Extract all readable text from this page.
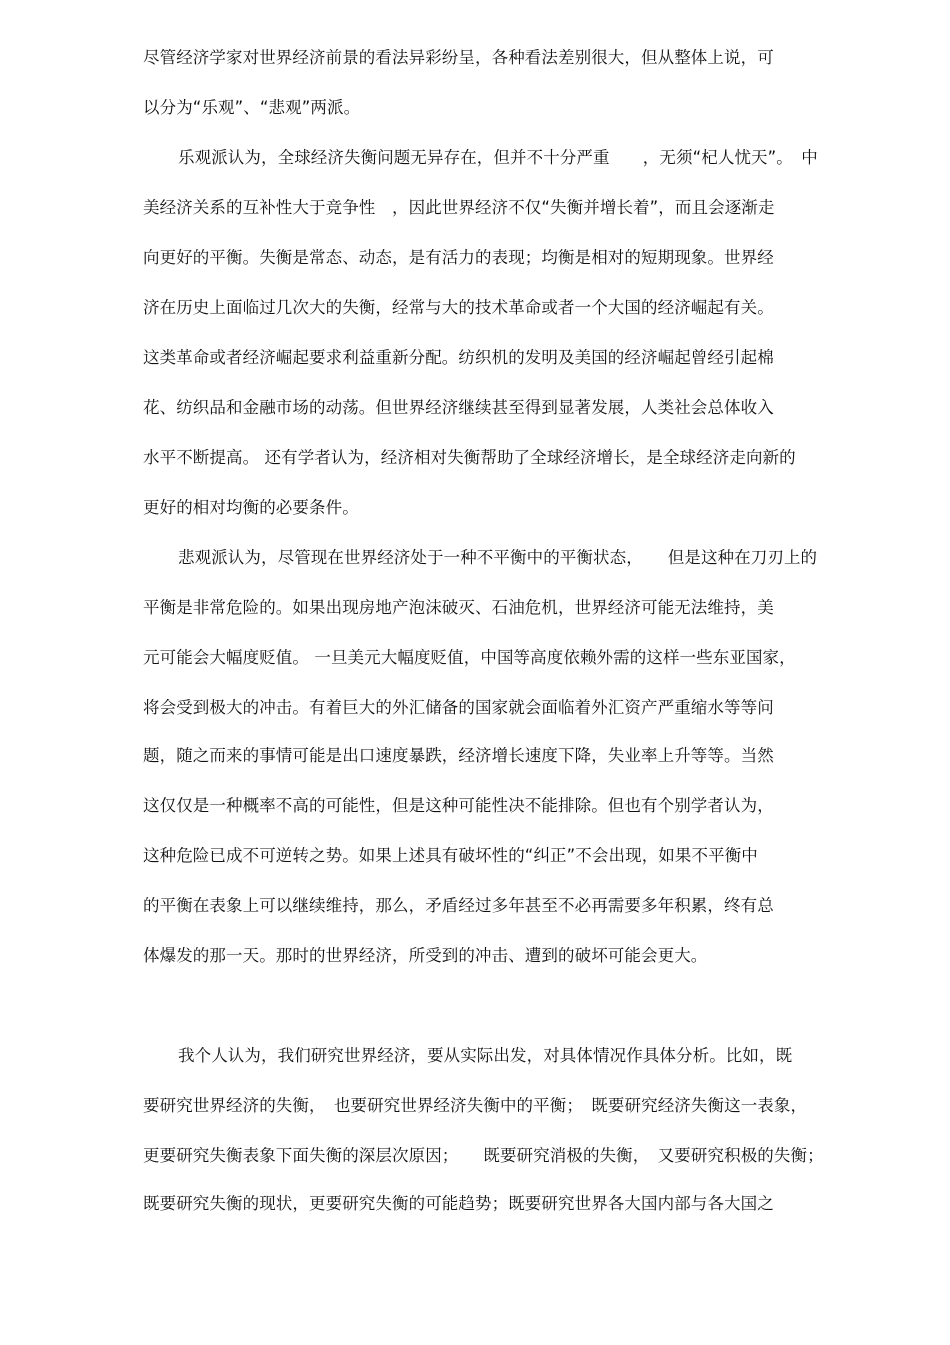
尽管经济学家对世界经济前景的看法异彩纷呈，各种看法差别很大，但从整体上说，可
以分为“乐观”、“悲观”两派。
乐观派认为，全球经济失衡问题无异存在，但并不十分严重　　，无须“杞人忧天”。　中
美经济关系的互补性大于竞争性　，因此世界经济不仅“失衡并增长着”，而且会逐渐走
向更好的平衡。失衡是常态、动态，是有活力的表现；均衡是相对的短期现象。世界经
济在历史上面临过几次大的失衡，经常与大的技术革命或者一个大国的经济崛起有关。
这类革命或者经济崛起要求利益重新分配。纺织机的发明及美国的经济崛起曾经引起棉
花、纺织品和金融市场的动荡。但世界经济继续甚至得到显著发展，人类社会总体收入
水平不断提高。 还有学者认为，经济相对失衡帮助了全球经济增长，是全球经济走向新的
更好的相对均衡的必要条件。
悲观派认为，尽管现在世界经济处于一种不平衡中的平衡状态，　　但是这种在刀刃上的
平衡是非常危险的。如果出现房地产泡沫破灭、石油危机，世界经济可能无法维持，美
元可能会大幅度贬值。 一旦美元大幅度贬值，中国等高度依赖外需的这样一些东亚国家，
将会受到极大的冲击。有着巨大的外汇储备的国家就会面临着外汇资产严重缩水等等问
题，随之而来的事情可能是出口速度暴跌，经济增长速度下降，失业率上升等等。当然
这仅仅是一种概率不高的可能性，但是这种可能性决不能排除。但也有个别学者认为，
这种危险已成不可逆转之势。如果上述具有破坏性的“纠正”不会出现，如果不平衡中
的平衡在表象上可以继续维持，那么，矛盾经过多年甚至不必再需要多年积累，终有总
体爆发的那一天。那时的世界经济，所受到的冲击、遭到的破坏可能会更大。
我个人认为，我们研究世界经济，要从实际出发，对具体情况作具体分析。比如，既
要研究世界经济的失衡，　也要研究世界经济失衡中的平衡；　既要研究经济失衡这一表象，
更要研究失衡表象下面失衡的深层次原因；　　既要研究消极的失衡，　又要研究积极的失衡；
既要研究失衡的现状，更要研究失衡的可能趋势；既要研究世界各大国内部与各大国之
